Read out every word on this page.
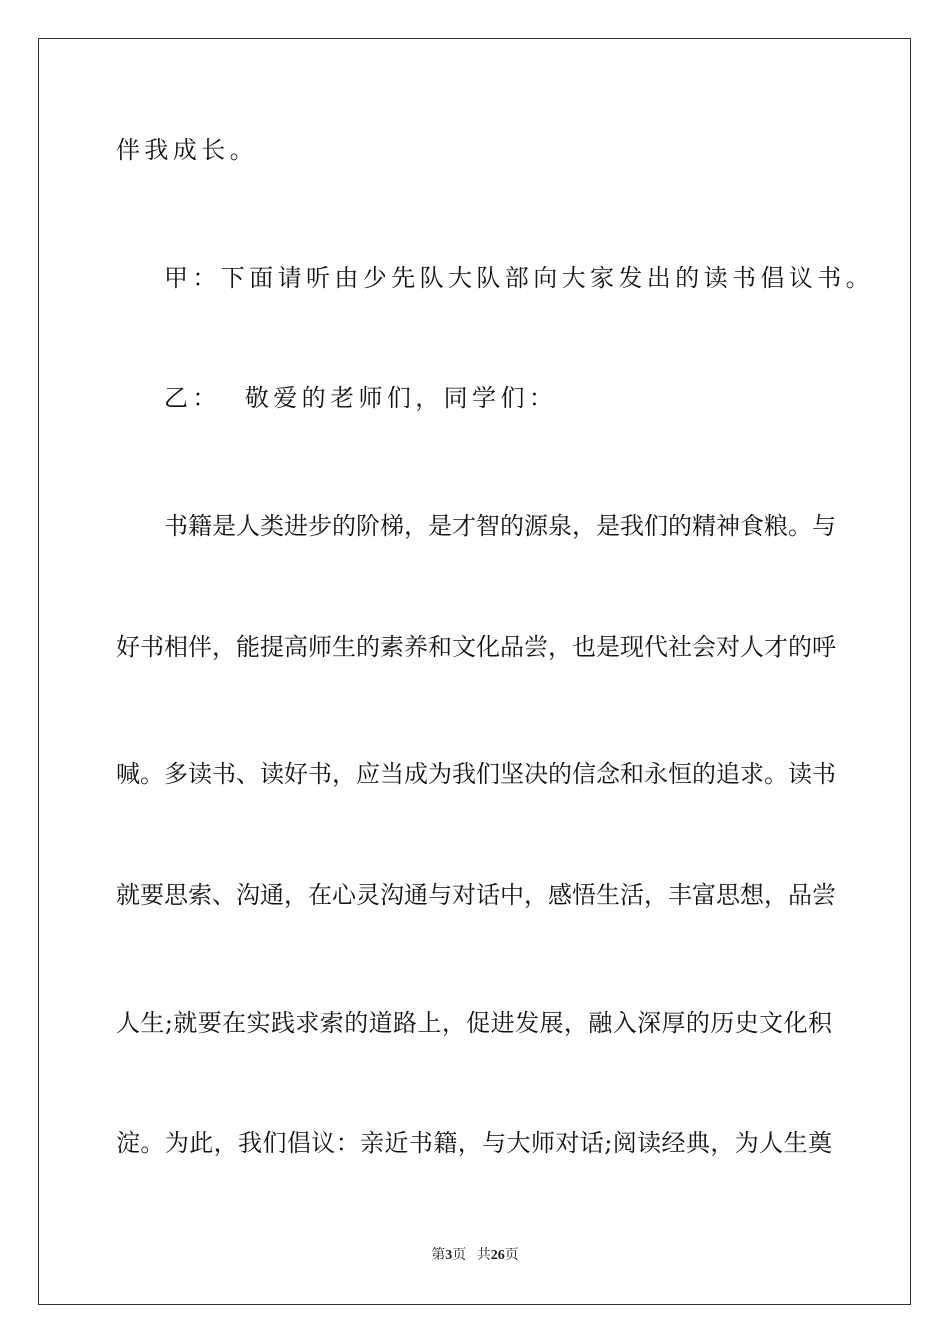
伴我成长。
甲：下面请听由少先队大队部向大家发出的读书倡议书。
乙：  敬爱的老师们，同学们：
书籍是人类进步的阶梯，是才智的源泉，是我们的精神食粮。与
好书相伴，能提高师生的素养和文化品尝，也是现代社会对人才的呼
喊。多读书、读好书，应当成为我们坚决的信念和永恒的追求。读书
就要思索、沟通，在心灵沟通与对话中，感悟生活，丰富思想，品尝
人生;就要在实践求索的道路上，促进发展，融入深厚的历史文化积
淀。为此，我们倡议：亲近书籍，与大师对话;阅读经典，为人生奠
第3页 共26页
